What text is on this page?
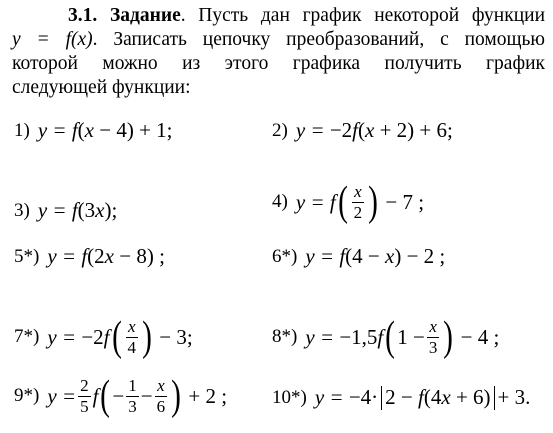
3.1. Задание. Пусть дан график некоторой функции
y = f(x). Записать цепочку преобразований, с помощью
которой можно из этого графика получить график
следующей функции:
1) y = f ( x − 4) + 1;	2) y = −2 f ( x + 2) + 6;
3) y = f (3 x );	4) y = f ( $\frac{x}{2}$ ) − 7 ;
5*) y = f (2 x − 8) ;	6*) y = f (4 − x ) − 2 ;
7*) y = −2 f ( $\frac{x}{4}$ ) − 3;	8*) y = −1,5 f ( $1 - \frac{x}{3}$ ) − 4 ;
9*) $y = \frac{2}{5}$ f ( − $\frac{1}{3} - \frac{x}{6}$ ) + 2 ; 10*) y = −4· 2 − f (4 x + 6) + 3.
